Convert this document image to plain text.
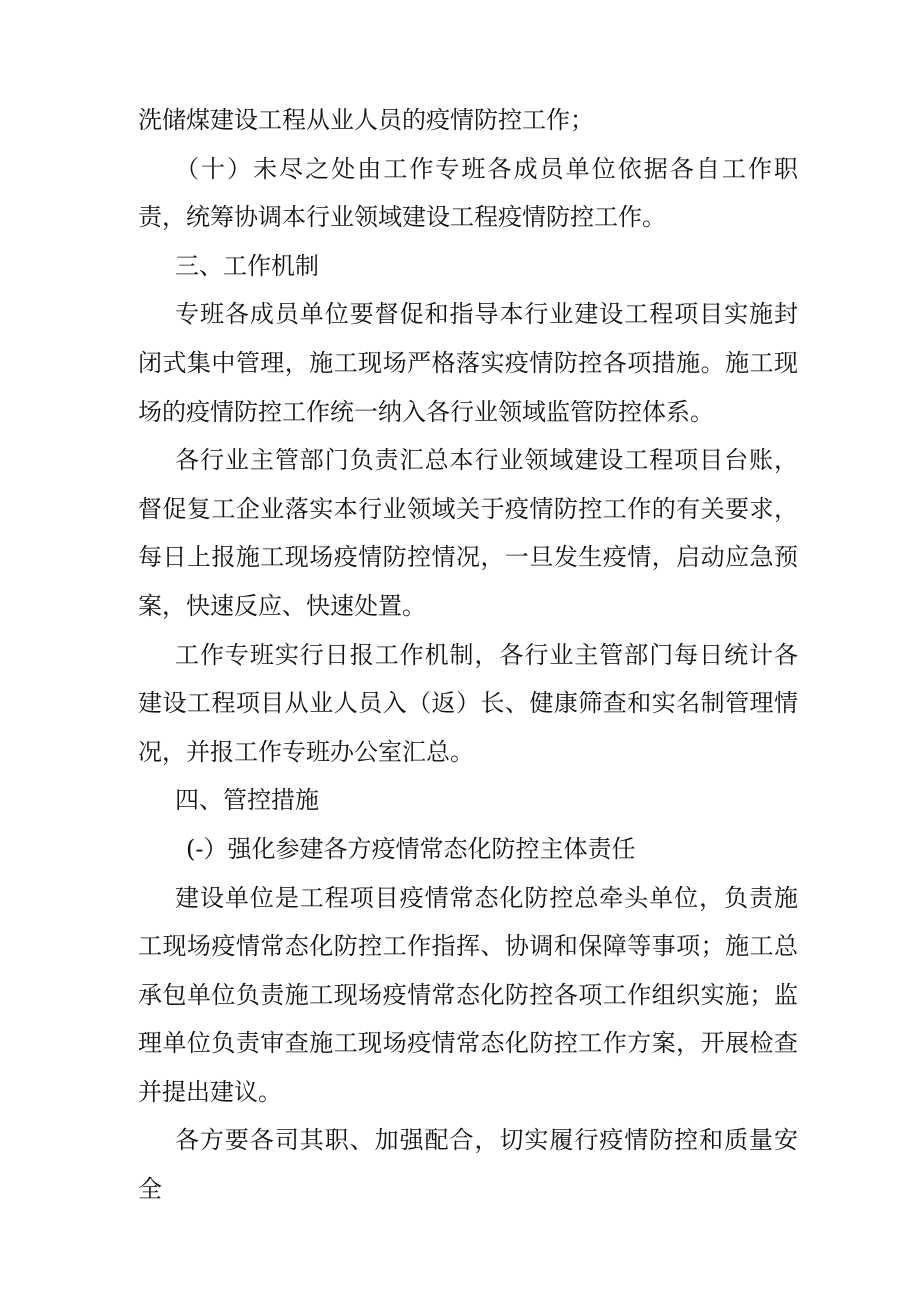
洗储煤建设工程从业人员的疫情防控工作；

（十）未尽之处由工作专班各成员单位依据各自工作职责，统筹协调本行业领域建设工程疫情防控工作。

三、工作机制

专班各成员单位要督促和指导本行业建设工程项目实施封闭式集中管理，施工现场严格落实疫情防控各项措施。施工现场的疫情防控工作统一纳入各行业领域监管防控体系。

各行业主管部门负责汇总本行业领域建设工程项目台账，督促复工企业落实本行业领域关于疫情防控工作的有关要求，每日上报施工现场疫情防控情况，一旦发生疫情，启动应急预案，快速反应、快速处置。

工作专班实行日报工作机制，各行业主管部门每日统计各建设工程项目从业人员入（返）长、健康筛查和实名制管理情况，并报工作专班办公室汇总。

四、管控措施

(-）强化参建各方疫情常态化防控主体责任

建设单位是工程项目疫情常态化防控总牵头单位，负责施工现场疫情常态化防控工作指挥、协调和保障等事项；施工总承包单位负责施工现场疫情常态化防控各项工作组织实施；监理单位负责审查施工现场疫情常态化防控工作方案，开展检查并提出建议。

各方要各司其职、加强配合，切实履行疫情防控和质量安全
